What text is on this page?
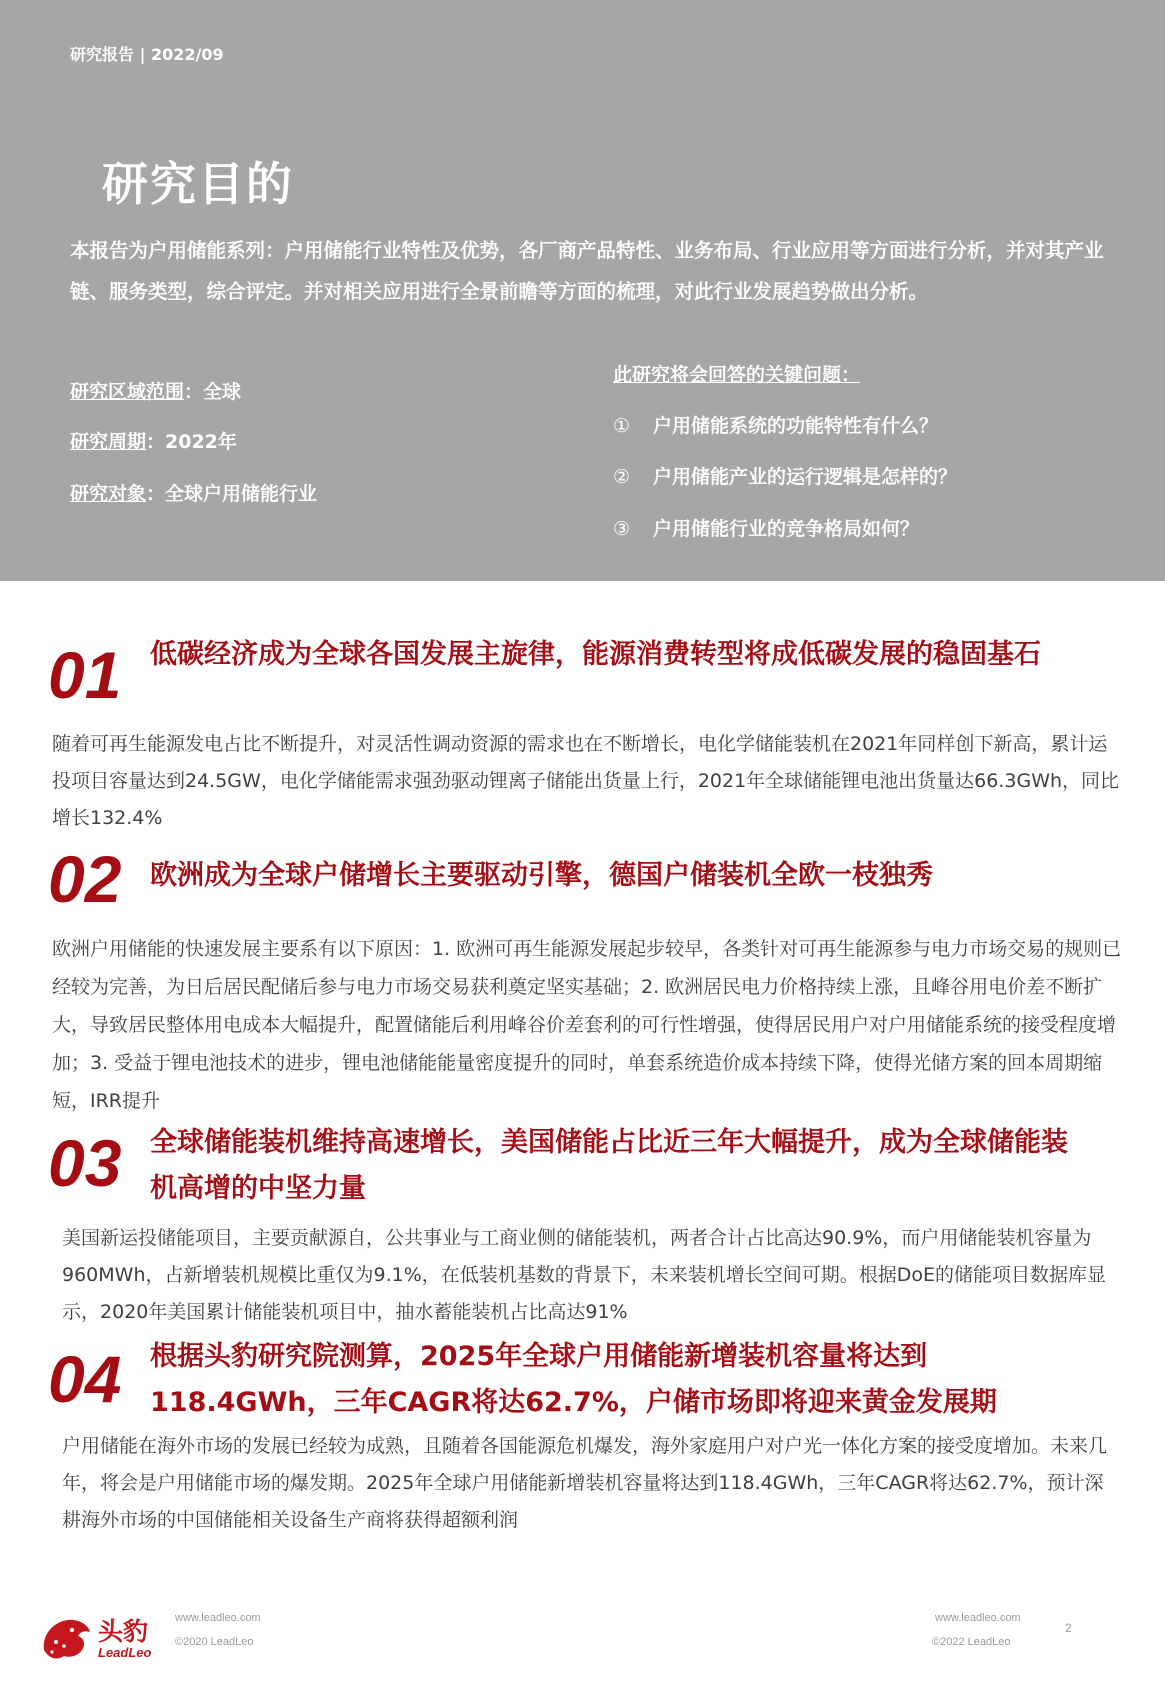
研究报告 | 2022/09
研究目的
本报告为户用储能系列：户用储能行业特性及优势，各厂商产品特性、业务布局、行业应用等方面进行分析，并对其产业链、服务类型，综合评定。并对相关应用进行全景前瞻等方面的梳理，对此行业发展趋势做出分析。
研究区域范围：全球
研究周期：2022年
研究对象：全球户用储能行业
此研究将会回答的关键问题：
① 户用储能系统的功能特性有什么？
② 户用储能产业的运行逻辑是怎样的？
③ 户用储能行业的竞争格局如何？
01 低碳经济成为全球各国发展主旋律，能源消费转型将成低碳发展的稳固基石
随着可再生能源发电占比不断提升，对灵活性调动资源的需求也在不断增长，电化学储能装机在2021年同样创下新高，累计运投项目容量达到24.5GW，电化学储能需求强劲驱动锂离子储能出货量上行，2021年全球储能锂电池出货量达66.3GWh，同比增长132.4%
02 欧洲成为全球户储增长主要驱动引擎，德国户储装机全欧一枝独秀
欧洲户用储能的快速发展主要系有以下原因：1. 欧洲可再生能源发展起步较早，各类针对可再生能源参与电力市场交易的规则已经较为完善，为日后居民配储后参与电力市场交易获利奠定坚实基础；2. 欧洲居民电力价格持续上涨，且峰谷用电价差不断扩大，导致居民整体用电成本大幅提升，配置储能后利用峰谷价差套利的可行性增强，使得居民用户对户用储能系统的接受程度增加；3. 受益于锂电池技术的进步，锂电池储能能量密度提升的同时，单套系统造价成本持续下降，使得光储方案的回本周期缩短，IRR提升
03 全球储能装机维持高速增长，美国储能占比近三年大幅提升，成为全球储能装机高增的中坚力量
美国新运投储能项目，主要贡献源自，公共事业与工商业侧的储能装机，两者合计占比高达90.9%，而户用储能装机容量为960MWh，占新增装机规模比重仅为9.1%，在低装机基数的背景下，未来装机增长空间可期。根据DoE的储能项目数据库显示，2020年美国累计储能装机项目中，抽水蓄能装机占比高达91%
04 根据头豹研究院测算，2025年全球户用储能新增装机容量将达到118.4GWh，三年CAGR将达62.7%，户储市场即将迎来黄金发展期
户用储能在海外市场的发展已经较为成熟，且随着各国能源危机爆发，海外家庭用户对户光一体化方案的接受度增加。未来几年，将会是户用储能市场的爆发期。2025年全球户用储能新增装机容量将达到118.4GWh，三年CAGR将达62.7%，预计深耕海外市场的中国储能相关设备生产商将获得超额利润
头豹
LeadLeo
www.leadleo.com
©2020 LeadLeo
www.leadleo.com
©2022 LeadLeo
2
